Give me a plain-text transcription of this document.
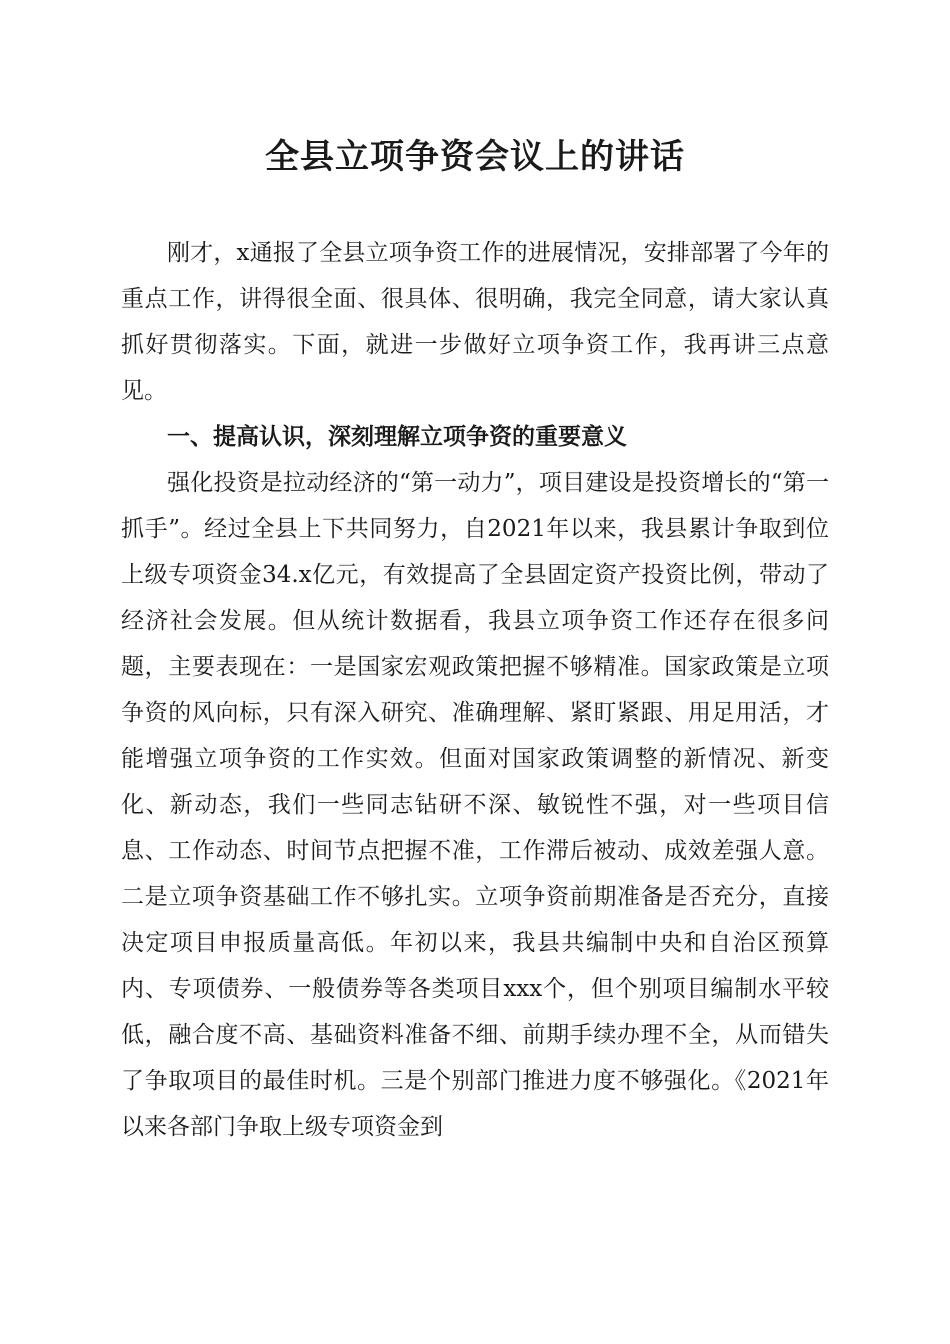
全县立项争资会议上的讲话

刚才，x通报了全县立项争资工作的进展情况，安排部署了今年的重点工作，讲得很全面、很具体、很明确，我完全同意，请大家认真抓好贯彻落实。下面，就进一步做好立项争资工作，我再讲三点意见。

一、提高认识，深刻理解立项争资的重要意义

强化投资是拉动经济的“第一动力”，项目建设是投资增长的“第一抓手”。经过全县上下共同努力，自2021年以来，我县累计争取到位上级专项资金34.x亿元，有效提高了全县固定资产投资比例，带动了经济社会发展。但从统计数据看，我县立项争资工作还存在很多问题，主要表现在：一是国家宏观政策把握不够精准。国家政策是立项争资的风向标，只有深入研究、准确理解、紧盯紧跟、用足用活，才能增强立项争资的工作实效。但面对国家政策调整的新情况、新变化、新动态，我们一些同志钻研不深、敏锐性不强，对一些项目信息、工作动态、时间节点把握不准，工作滞后被动、成效差强人意。二是立项争资基础工作不够扎实。立项争资前期准备是否充分，直接决定项目申报质量高低。年初以来，我县共编制中央和自治区预算内、专项债券、一般债券等各类项目xxx个，但个别项目编制水平较低，融合度不高、基础资料准备不细、前期手续办理不全，从而错失了争取项目的最佳时机。三是个别部门推进力度不够强化。《2021年以来各部门争取上级专项资金到
